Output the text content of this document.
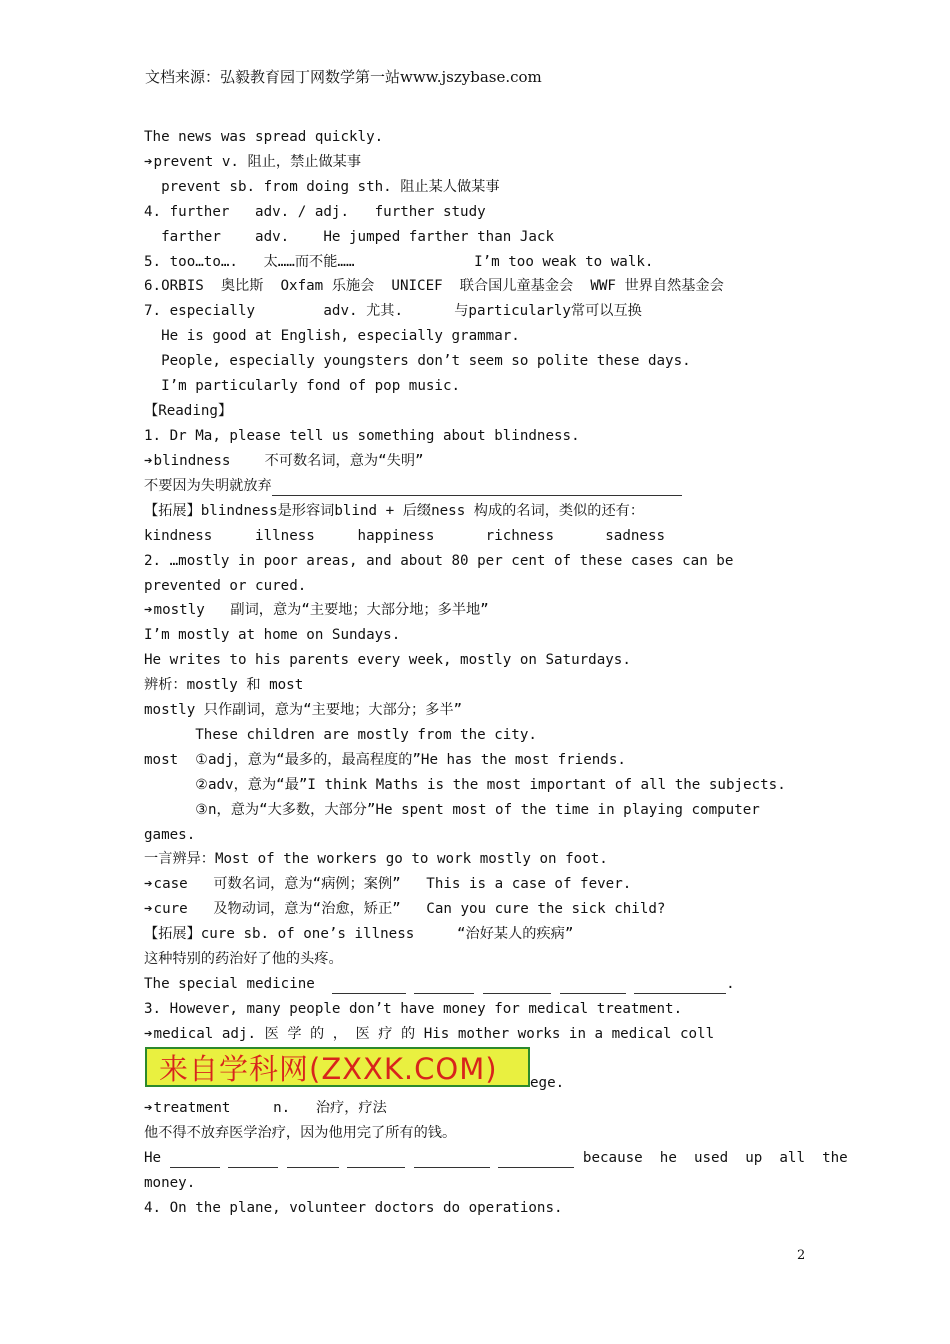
文档来源：弘毅教育园丁网数学第一站www.jszybase.com
The news was spread quickly.
➔prevent v. 阻止，禁止做某事
prevent sb. from doing sth. 阻止某人做某事
4. further   adv. / adj.   further study
farther    adv.    He jumped farther than Jack
5. too…to….   太……而不能……              I’m too weak to walk.
6.ORBIS  奥比斯  Oxfam 乐施会  UNICEF  联合国儿童基金会  WWF 世界自然基金会
7. especially        adv. 尤其.      与particularly常可以互换
He is good at English, especially grammar.
People, especially youngsters don’t seem so polite these days.
I’m particularly fond of pop music.
【Reading】
1. Dr Ma, please tell us something about blindness.
➔blindness    不可数名词，意为“失明”
不要因为失明就放弃
【拓展】blindness是形容词blind + 后缀ness 构成的名词，类似的还有：
kindness     illness     happiness      richness      sadness
2. …mostly in poor areas, and about 80 per cent of these cases can be
prevented or cured.
➔mostly   副词，意为“主要地；大部分地；多半地”
I’m mostly at home on Sundays.
He writes to his parents every week, mostly on Saturdays.
辨析：mostly 和 most
mostly 只作副词，意为“主要地；大部分；多半”
These children are mostly from the city.
most  ①adj，意为“最多的，最高程度的”He has the most friends.
②adv，意为“最”I think Maths is the most important of all the subjects.
③n，意为“大多数，大部分”He spent most of the time in playing computer
games.
一言辨异：Most of the workers go to work mostly on foot.
➔case   可数名词，意为“病例；案例”   This is a case of fever.
➔cure   及物动词，意为“治愈，矫正”   Can you cure the sick child?
【拓展】cure sb. of one’s illness     “治好某人的疾病”
这种特别的药治好了他的头疼。
The special medicine	.
3. However, many people don’t have money for medical treatment.
➔ medical adj. 医 学 的 ， 医 疗 的 His mother works in a medical coll
来自学科网(ZXXK.COM)	ege.
➔treatment     n.   治疗，疗法
他不得不放弃医学治疗，因为他用完了所有的钱。
He	because  he  used  up  all  the
money.
4. On the plane, volunteer doctors do operations.
2
